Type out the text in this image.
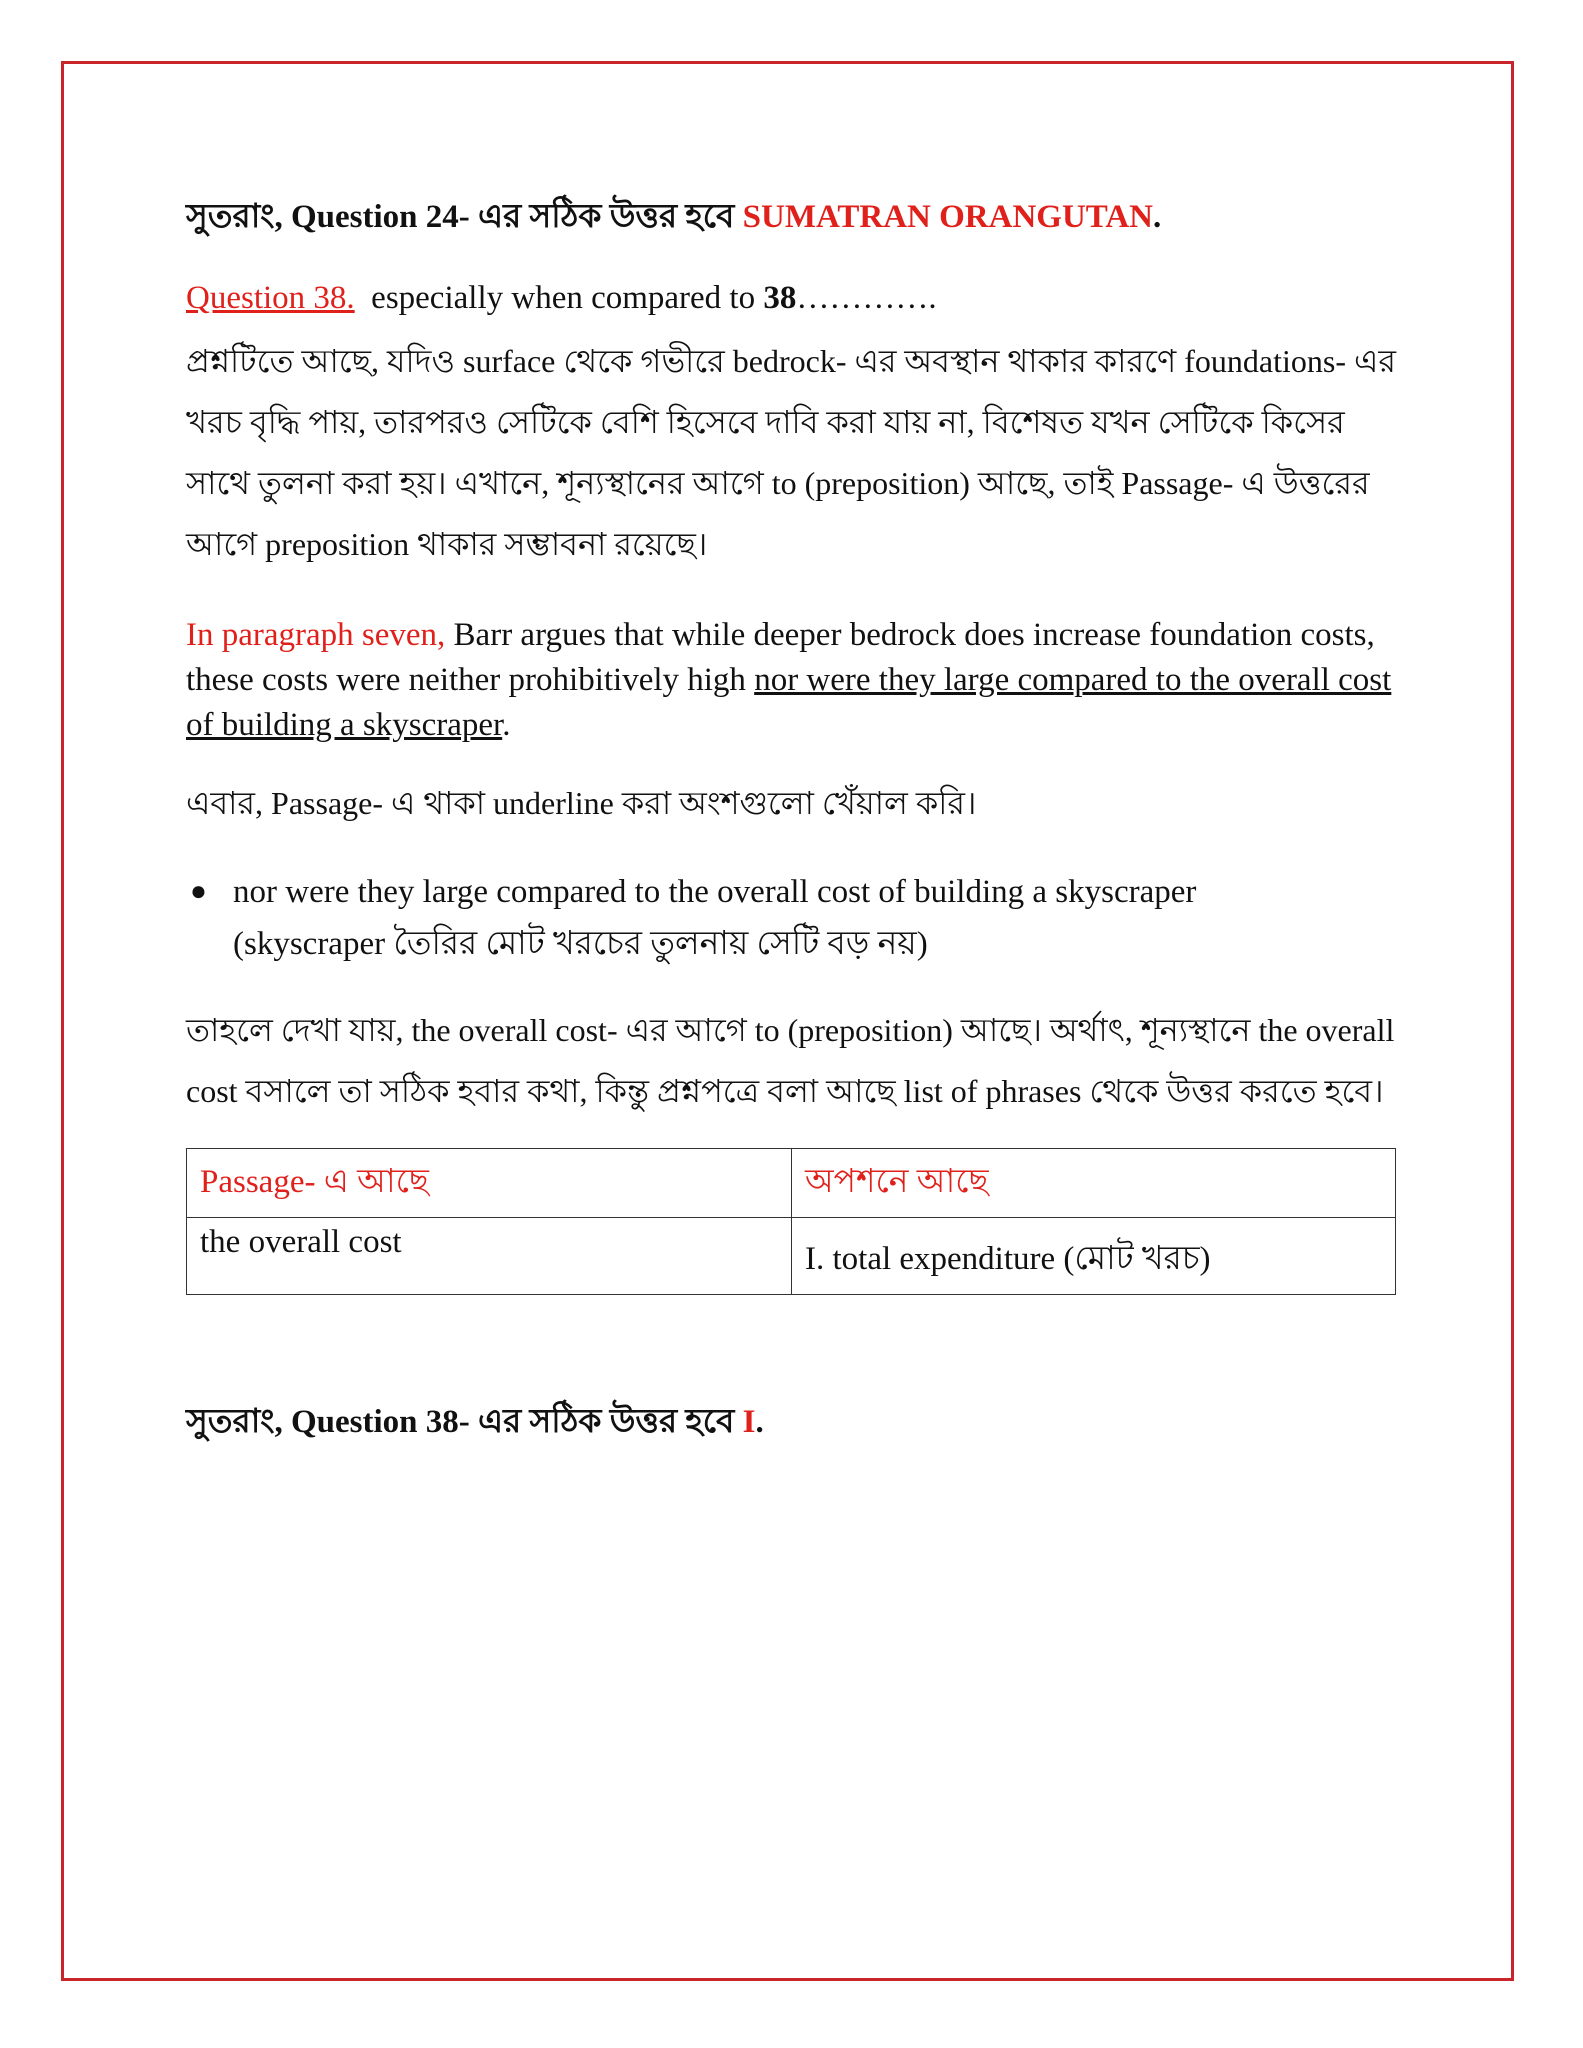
সুতরাং, Question 24- এর সঠিক উত্তর হবে SUMATRAN ORANGUTAN.

Question 38.  especially when compared to 38………….

প্রশ্নটিতে আছে, যদিও surface থেকে গভীরে bedrock- এর অবস্থান থাকার কারণে foundations- এর খরচ বৃদ্ধি পায়, তারপরও সেটিকে বেশি হিসেবে দাবি করা যায় না, বিশেষত যখন সেটিকে কিসের সাথে তুলনা করা হয়। এখানে, শূন্যস্থানের আগে to (preposition) আছে, তাই Passage- এ উত্তরের আগে preposition থাকার সম্ভাবনা রয়েছে।

In paragraph seven, Barr argues that while deeper bedrock does increase foundation costs, these costs were neither prohibitively high nor were they large compared to the overall cost of building a skyscraper.

এবার, Passage- এ থাকা underline করা অংশগুলো খেঁয়াল করি।

● nor were they large compared to the overall cost of building a skyscraper
(skyscraper তৈরির মোট খরচের তুলনায় সেটি বড় নয়)

তাহলে দেখা যায়, the overall cost- এর আগে to (preposition) আছে। অর্থাৎ, শূন্যস্থানে the overall cost বসালে তা সঠিক হবার কথা, কিন্তু প্রশ্নপত্রে বলা আছে list of phrases থেকে উত্তর করতে হবে।

Passage- এ আছে	অপশনে আছে
the overall cost	I. total expenditure (মোট খরচ)

সুতরাং, Question 38- এর সঠিক উত্তর হবে I.
